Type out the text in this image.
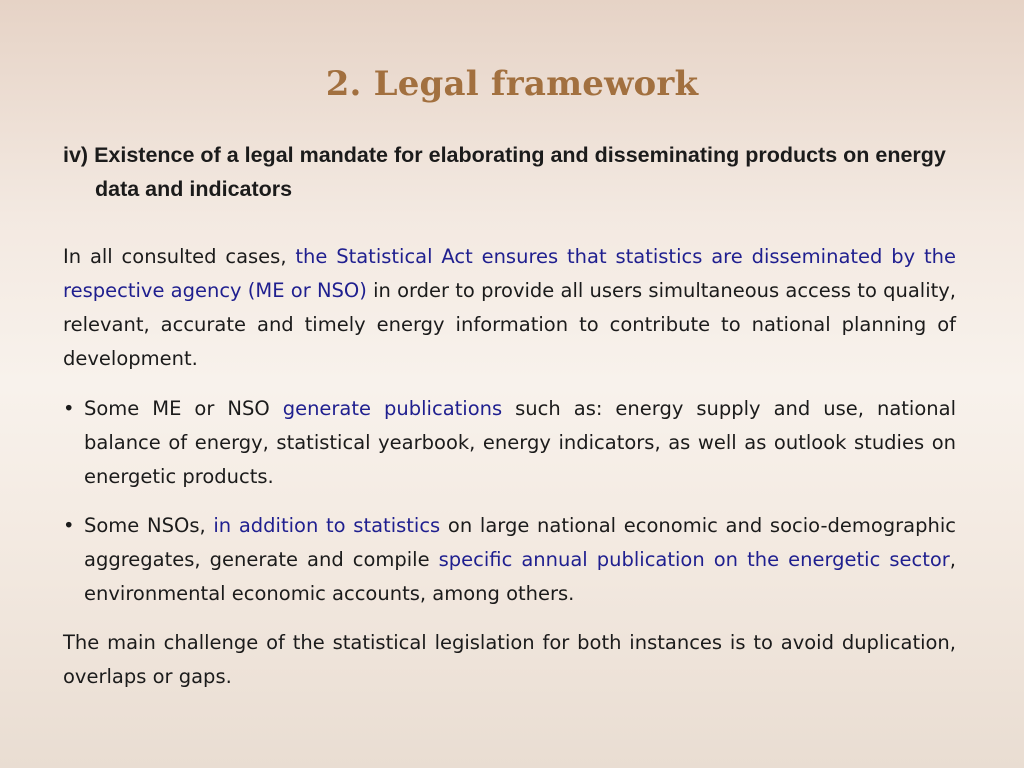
2. Legal framework
iv) Existence of a legal mandate for elaborating and disseminating products on energy data and indicators

In all consulted cases, the Statistical Act ensures that statistics are disseminated by the respective agency (ME or NSO) in order to provide all users simultaneous access to quality, relevant, accurate and timely energy information to contribute to national planning of development.

• Some ME or NSO generate publications such as: energy supply and use, national balance of energy, statistical yearbook, energy indicators, as well as outlook studies on energetic products.
• Some NSOs, in addition to statistics on large national economic and socio-demographic aggregates, generate and compile specific annual publication on the energetic sector, environmental economic accounts, among others.

The main challenge of the statistical legislation for both instances is to avoid duplication, overlaps or gaps.
